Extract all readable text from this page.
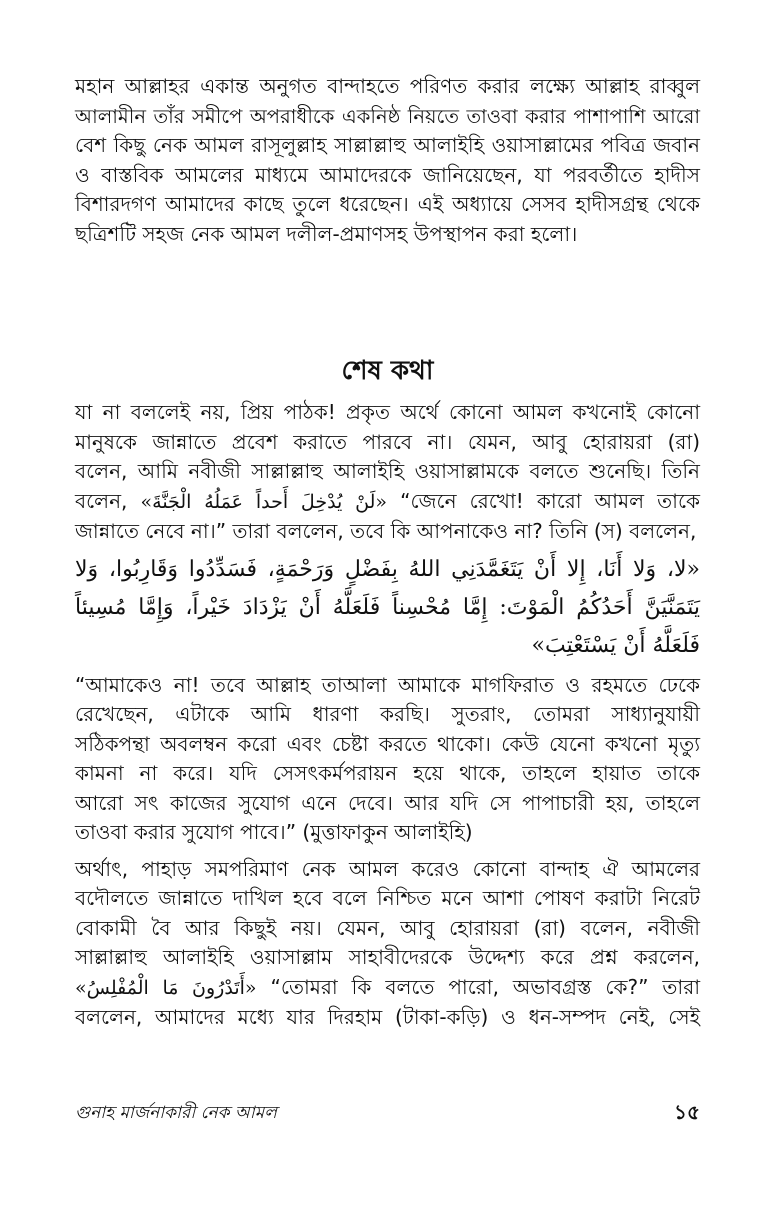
মহান আল্লাহর একান্ত অনুগত বান্দাহতে পরিণত করার লক্ষ্যে আল্লাহ রাব্বুল
আলামীন তাঁর সমীপে অপরাধীকে একনিষ্ঠ নিয়তে তাওবা করার পাশাপাশি আরো
বেশ কিছু নেক আমল রাসূলুল্লাহ সাল্লাল্লাহু আলাইহি ওয়াসাল্লামের পবিত্র জবান
ও বাস্তবিক আমলের মাধ্যমে আমাদেরকে জানিয়েছেন, যা পরবর্তীতে হাদীস
বিশারদগণ আমাদের কাছে তুলে ধরেছেন। এই অধ্যায়ে সেসব হাদীসগ্রন্থ থেকে
ছত্রিশটি সহজ নেক আমল দলীল-প্রমাণসহ উপস্থাপন করা হলো।
শেষ কথা
যা না বললেই নয়, প্রিয় পাঠক! প্রকৃত অর্থে কোনো আমল কখনোই কোনো
মানুষকে জান্নাতে প্রবেশ করাতে পারবে না। যেমন, আবু হোরায়রা (রা)
বলেন, আমি নবীজী সাল্লাল্লাহু আলাইহি ওয়াসাল্লামকে বলতে শুনেছি। তিনি
বলেন, «لَنْ يُدْخِلَ أَحداً عَمَلُهُ الْجَنَّةَ» “জেনে রেখো! কারো আমল তাকে
জান্নাতে নেবে না।” তারা বললেন, তবে কি আপনাকেও না? তিনি (স) বললেন,
«لا، وَلا أَنَا، إِلا أَنْ يَتَغَمَّدَنِي اللهُ بِفَضْلٍ وَرَحْمَةٍ، فَسَدِّدُوا وَقَارِبُوا، وَلا
يَتَمَنَّيَنَّ أَحَدُكُمُ الْمَوْتَ: إِمَّا مُحْسِناً فَلَعَلَّهُ أَنْ يَزْدَادَ خَيْراً، وَإِمَّا مُسِيئاً
فَلَعَلَّهُ أَنْ يَسْتَعْتِبَ»
“আমাকেও না! তবে আল্লাহ তাআলা আমাকে মাগফিরাত ও রহমতে ঢেকে
রেখেছেন, এটাকে আমি ধারণা করছি। সুতরাং, তোমরা সাধ্যানুযায়ী
সঠিকপন্থা অবলম্বন করো এবং চেষ্টা করতে থাকো। কেউ যেনো কখনো মৃত্যু
কামনা না করে। যদি সেসৎকর্মপরায়ন হয়ে থাকে, তাহলে হায়াত তাকে
আরো সৎ কাজের সুযোগ এনে দেবে। আর যদি সে পাপাচারী হয়, তাহলে
তাওবা করার সুযোগ পাবে।” (মুত্তাফাকুন আলাইহি)
অর্থাৎ, পাহাড় সমপরিমাণ নেক আমল করেও কোনো বান্দাহ ঐ আমলের
বদৌলতে জান্নাতে দাখিল হবে বলে নিশ্চিত মনে আশা পোষণ করাটা নিরেট
বোকামী বৈ আর কিছুই নয়। যেমন, আবু হোরায়রা (রা) বলেন, নবীজী
সাল্লাল্লাহু আলাইহি ওয়াসাল্লাম সাহাবীদেরকে উদ্দেশ্য করে প্রশ্ন করলেন,
«أَتَدْرُونَ مَا الْمُفْلِسُ» “তোমরা কি বলতে পারো, অভাবগ্রস্ত কে?” তারা
বললেন, আমাদের মধ্যে যার দিরহাম (টাকা-কড়ি) ও ধন-সম্পদ নেই, সেই
গুনাহ মার্জনাকারী নেক আমল	১৫
